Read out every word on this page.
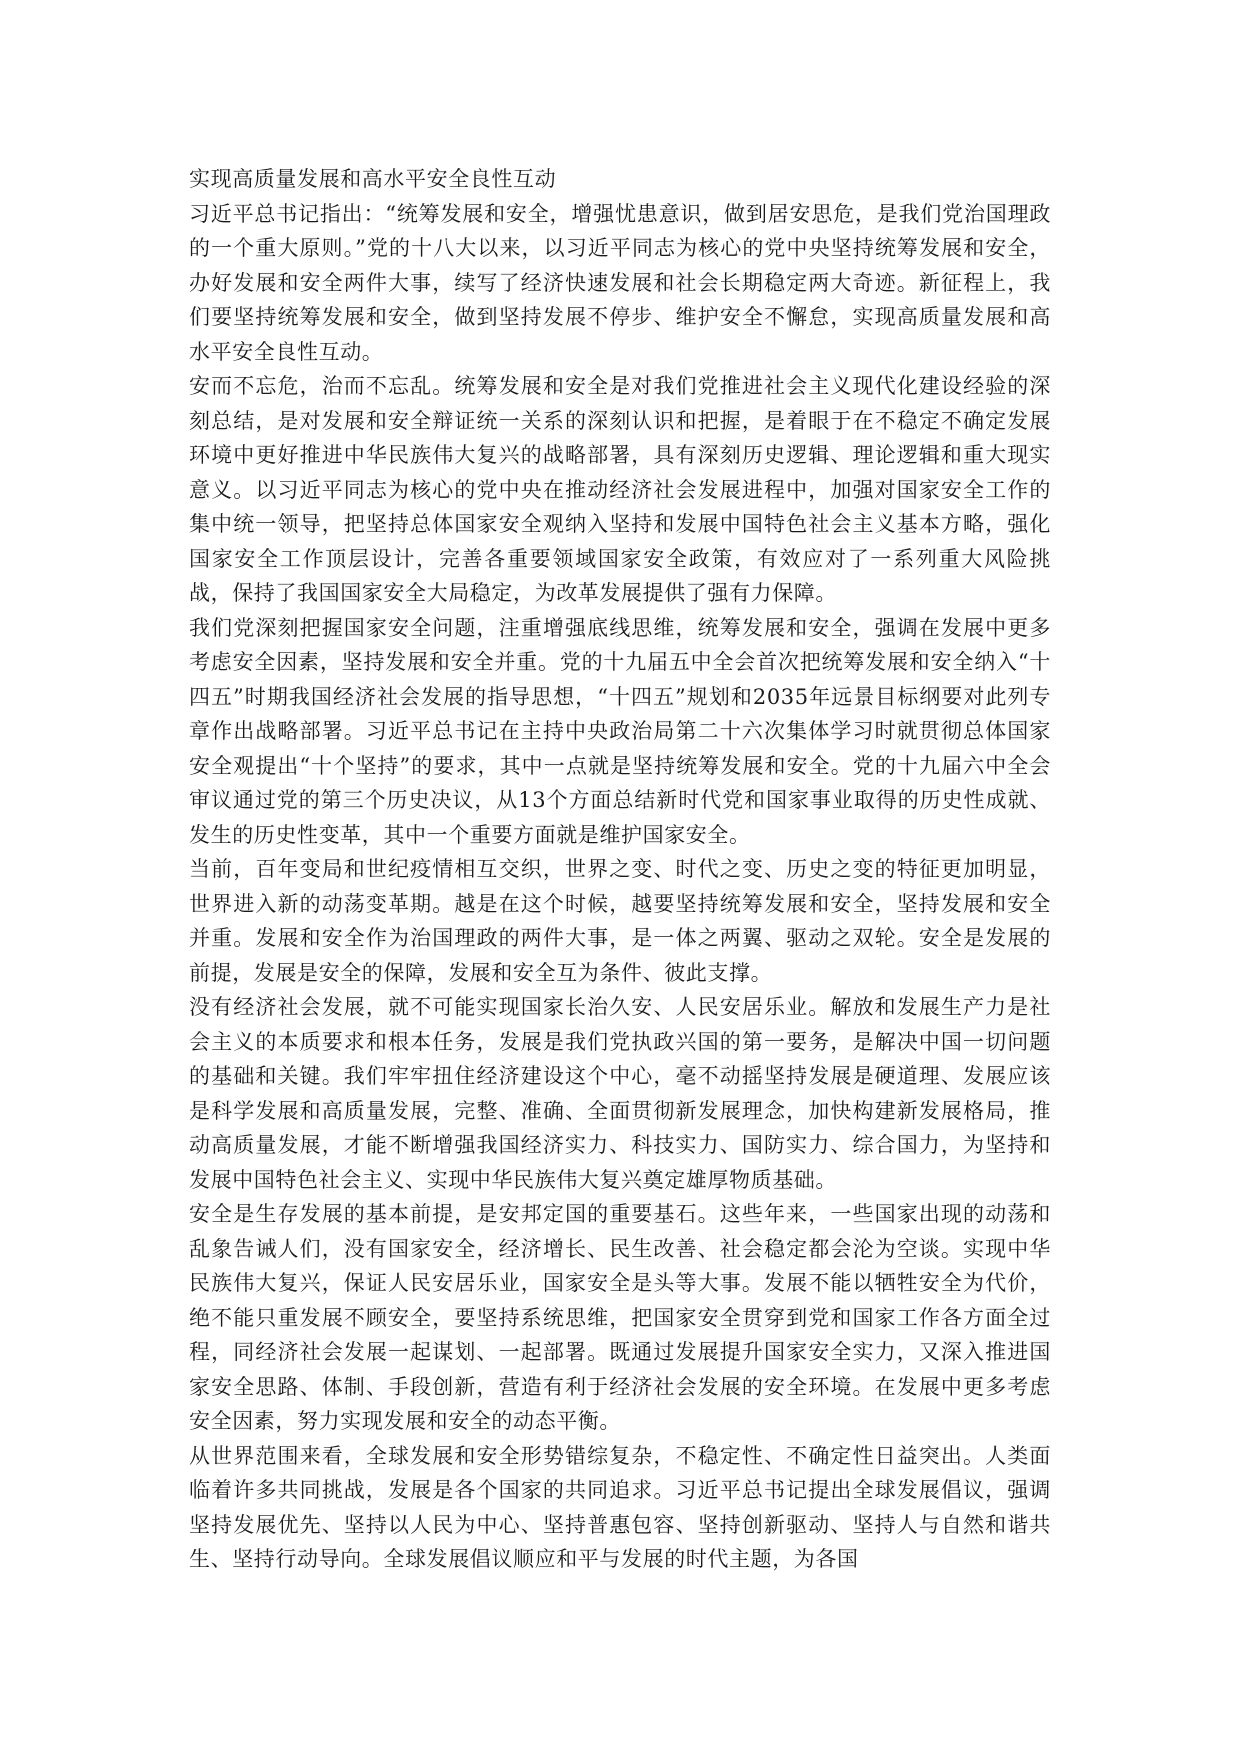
实现高质量发展和高水平安全良性互动

习近平总书记指出：“统筹发展和安全，增强忧患意识，做到居安思危，是我们党治国理政的一个重大原则。”党的十八大以来，以习近平同志为核心的党中央坚持统筹发展和安全，办好发展和安全两件大事，续写了经济快速发展和社会长期稳定两大奇迹。新征程上，我们要坚持统筹发展和安全，做到坚持发展不停步、维护安全不懈怠，实现高质量发展和高水平安全良性互动。

安而不忘危，治而不忘乱。统筹发展和安全是对我们党推进社会主义现代化建设经验的深刻总结，是对发展和安全辩证统一关系的深刻认识和把握，是着眼于在不稳定不确定发展环境中更好推进中华民族伟大复兴的战略部署，具有深刻历史逻辑、理论逻辑和重大现实意义。以习近平同志为核心的党中央在推动经济社会发展进程中，加强对国家安全工作的集中统一领导，把坚持总体国家安全观纳入坚持和发展中国特色社会主义基本方略，强化国家安全工作顶层设计，完善各重要领域国家安全政策，有效应对了一系列重大风险挑战，保持了我国国家安全大局稳定，为改革发展提供了强有力保障。

我们党深刻把握国家安全问题，注重增强底线思维，统筹发展和安全，强调在发展中更多考虑安全因素，坚持发展和安全并重。党的十九届五中全会首次把统筹发展和安全纳入“十四五”时期我国经济社会发展的指导思想，“十四五”规划和2035年远景目标纲要对此列专章作出战略部署。习近平总书记在主持中央政治局第二十六次集体学习时就贯彻总体国家安全观提出“十个坚持”的要求，其中一点就是坚持统筹发展和安全。党的十九届六中全会审议通过党的第三个历史决议，从13个方面总结新时代党和国家事业取得的历史性成就、发生的历史性变革，其中一个重要方面就是维护国家安全。

当前，百年变局和世纪疫情相互交织，世界之变、时代之变、历史之变的特征更加明显，世界进入新的动荡变革期。越是在这个时候，越要坚持统筹发展和安全，坚持发展和安全并重。发展和安全作为治国理政的两件大事，是一体之两翼、驱动之双轮。安全是发展的前提，发展是安全的保障，发展和安全互为条件、彼此支撑。

没有经济社会发展，就不可能实现国家长治久安、人民安居乐业。解放和发展生产力是社会主义的本质要求和根本任务，发展是我们党执政兴国的第一要务，是解决中国一切问题的基础和关键。我们牢牢扭住经济建设这个中心，毫不动摇坚持发展是硬道理、发展应该是科学发展和高质量发展，完整、准确、全面贯彻新发展理念，加快构建新发展格局，推动高质量发展，才能不断增强我国经济实力、科技实力、国防实力、综合国力，为坚持和发展中国特色社会主义、实现中华民族伟大复兴奠定雄厚物质基础。

安全是生存发展的基本前提，是安邦定国的重要基石。这些年来，一些国家出现的动荡和乱象告诫人们，没有国家安全，经济增长、民生改善、社会稳定都会沦为空谈。实现中华民族伟大复兴，保证人民安居乐业，国家安全是头等大事。发展不能以牺牲安全为代价，绝不能只重发展不顾安全，要坚持系统思维，把国家安全贯穿到党和国家工作各方面全过程，同经济社会发展一起谋划、一起部署。既通过发展提升国家安全实力，又深入推进国家安全思路、体制、手段创新，营造有利于经济社会发展的安全环境。在发展中更多考虑安全因素，努力实现发展和安全的动态平衡。

从世界范围来看，全球发展和安全形势错综复杂，不稳定性、不确定性日益突出。人类面临着许多共同挑战，发展是各个国家的共同追求。习近平总书记提出全球发展倡议，强调坚持发展优先、坚持以人民为中心、坚持普惠包容、坚持创新驱动、坚持人与自然和谐共生、坚持行动导向。全球发展倡议顺应和平与发展的时代主题，为各国
